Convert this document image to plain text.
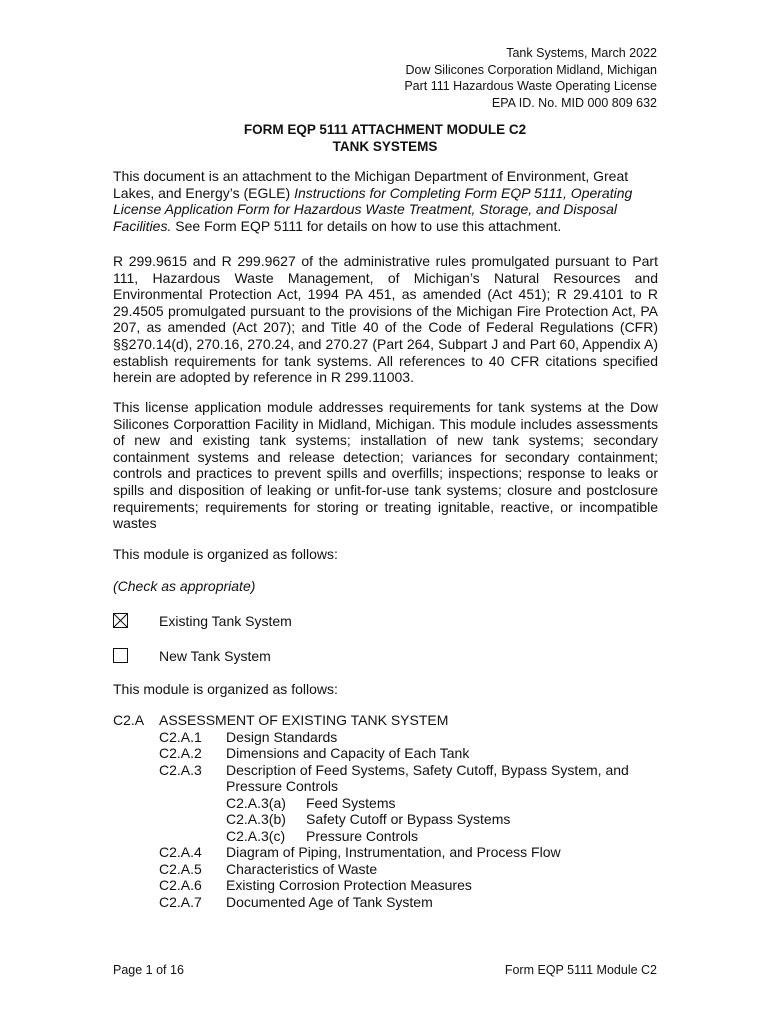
Tank Systems, March 2022
Dow Silicones Corporation Midland, Michigan
Part 111 Hazardous Waste Operating License
EPA ID. No. MID 000 809 632
FORM EQP 5111 ATTACHMENT MODULE C2
TANK SYSTEMS
This document is an attachment to the Michigan Department of Environment, Great Lakes, and Energy’s (EGLE) Instructions for Completing Form EQP 5111, Operating License Application Form for Hazardous Waste Treatment, Storage, and Disposal Facilities. See Form EQP 5111 for details on how to use this attachment.
R 299.9615 and R 299.9627 of the administrative rules promulgated pursuant to Part 111, Hazardous Waste Management, of Michigan’s Natural Resources and Environmental Protection Act, 1994 PA 451, as amended (Act 451); R 29.4101 to R 29.4505 promulgated pursuant to the provisions of the Michigan Fire Protection Act, PA 207, as amended (Act 207); and Title 40 of the Code of Federal Regulations (CFR) §§270.14(d), 270.16, 270.24, and 270.27 (Part 264, Subpart J and Part 60, Appendix A) establish requirements for tank systems. All references to 40 CFR citations specified herein are adopted by reference in R 299.11003.
This license application module addresses requirements for tank systems at the Dow Silicones Corporattion Facility in Midland, Michigan. This module includes assessments of new and existing tank systems; installation of new tank systems; secondary containment systems and release detection; variances for secondary containment; controls and practices to prevent spills and overfills; inspections; response to leaks or spills and disposition of leaking or unfit-for-use tank systems; closure and postclosure requirements; requirements for storing or treating ignitable, reactive, or incompatible wastes
This module is organized as follows:
(Check as appropriate)
Existing Tank System
New Tank System
This module is organized as follows:
C2.A ASSESSMENT OF EXISTING TANK SYSTEM
C2.A.1 Design Standards
C2.A.2 Dimensions and Capacity of Each Tank
C2.A.3 Description of Feed Systems, Safety Cutoff, Bypass System, and
Pressure Controls
C2.A.3(a) Feed Systems
C2.A.3(b) Safety Cutoff or Bypass Systems
C2.A.3(c) Pressure Controls
C2.A.4 Diagram of Piping, Instrumentation, and Process Flow
C2.A.5 Characteristics of Waste
C2.A.6 Existing Corrosion Protection Measures
C2.A.7 Documented Age of Tank System
Page 1 of 16	Form EQP 5111 Module C2
